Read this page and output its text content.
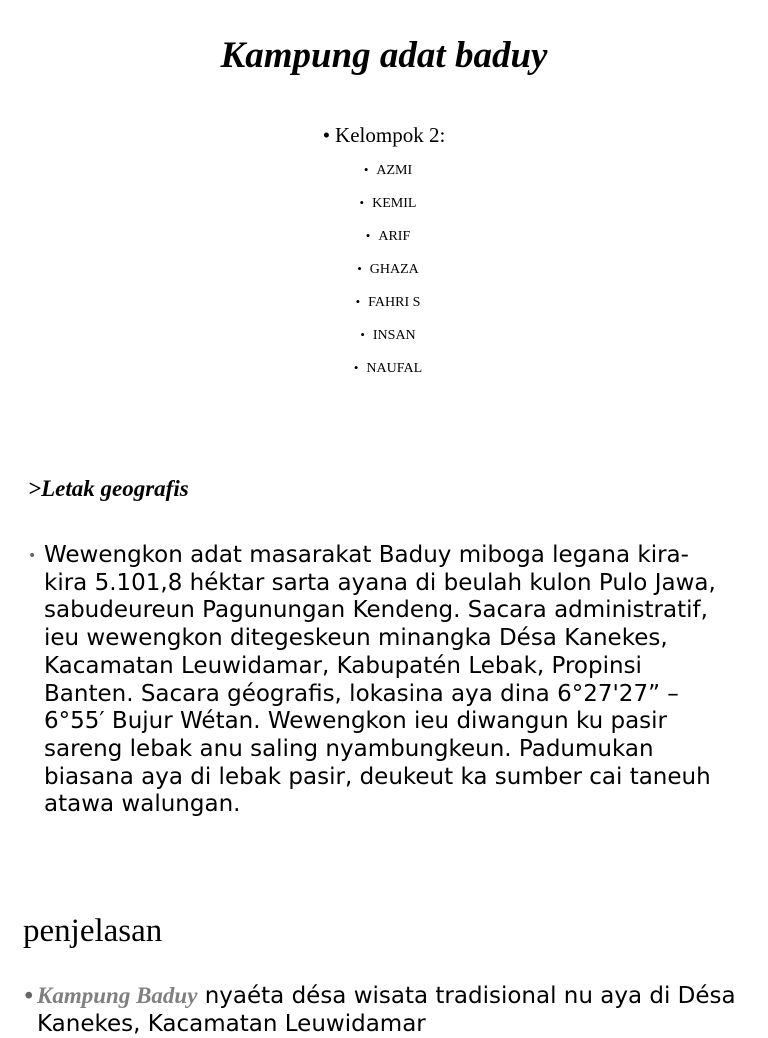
Kampung adat baduy
• Kelompok 2:
• AZMI
• KEMIL
• ARIF
• GHAZA
• FAHRI S
• INSAN
• NAUFAL
>Letak geografis
• Wewengkon adat masarakat Baduy miboga legana kira-kira 5.101,8 héktar sarta ayana di beulah kulon Pulo Jawa, sabudeureun Pagunungan Kendeng. Sacara administratif, ieu wewengkon ditegeskeun minangka Désa Kanekes, Kacamatan Leuwidamar, Kabupatén Lebak, Propinsi Banten. Sacara géografis, lokasina aya dina 6°27'27” – 6°55′ Bujur Wétan. Wewengkon ieu diwangun ku pasir sareng lebak anu saling nyambungkeun. Padumukan biasana aya di lebak pasir, deukeut ka sumber cai taneuh atawa walungan.

penjelasan
• Kampung Baduy nyaéta désa wisata tradisional nu aya di Désa Kanekes, Kacamatan Leuwidamar
